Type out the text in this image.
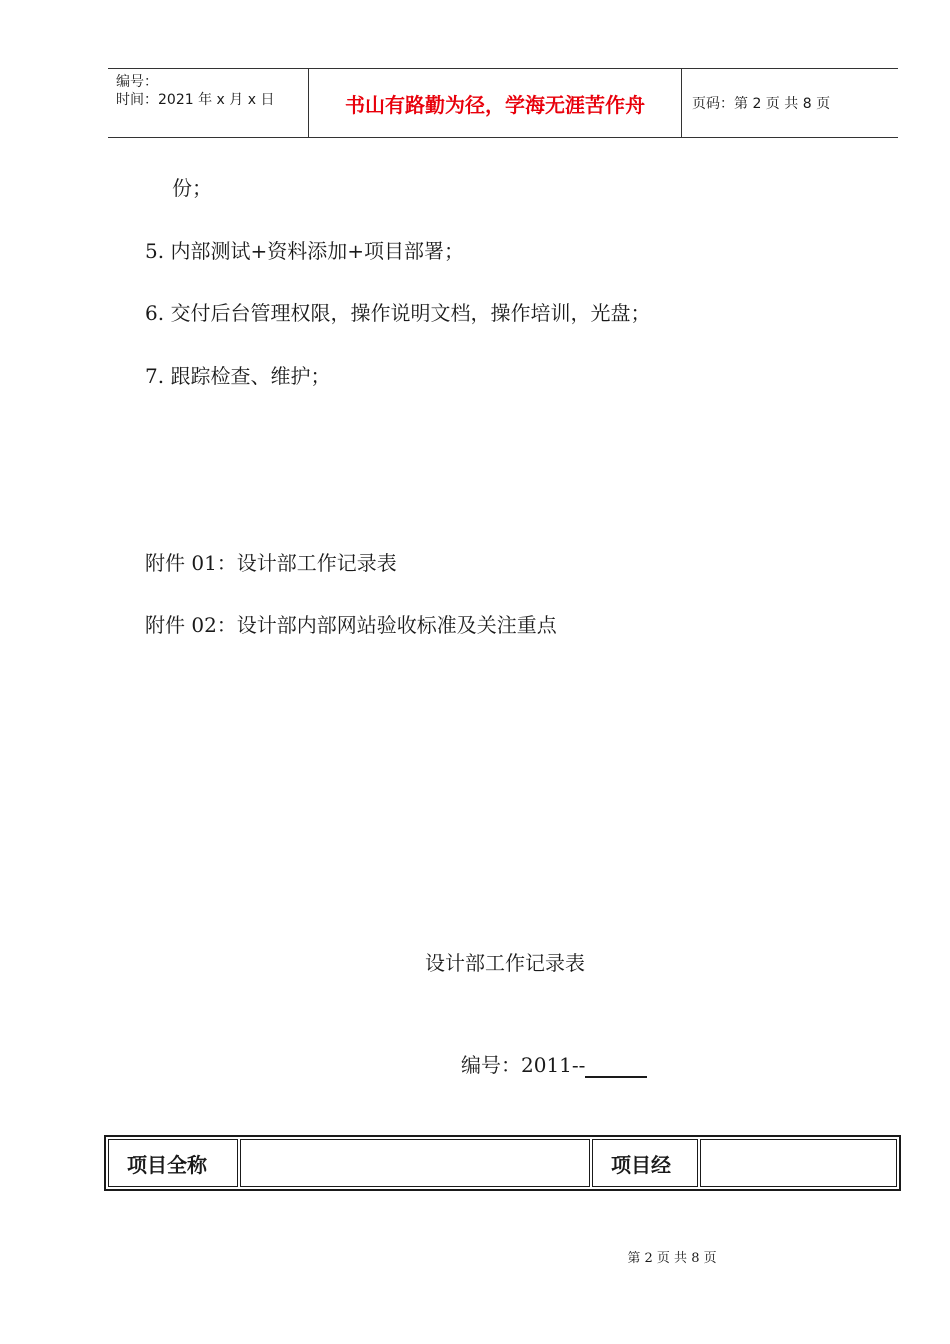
编号：
时间：2021 年 x 月 x 日	书山有路勤为径，学海无涯苦作舟	页码：第 2 页 共 8 页
份；
5. 内部测试+资料添加+项目部署；
6. 交付后台管理权限，操作说明文档，操作培训，光盘；
7. 跟踪检查、维护；
附件 01：设计部工作记录表
附件 02：设计部内部网站验收标准及关注重点
设计部工作记录表
编号：2011--
项目全称		项目经	
第 2 页 共 8 页
